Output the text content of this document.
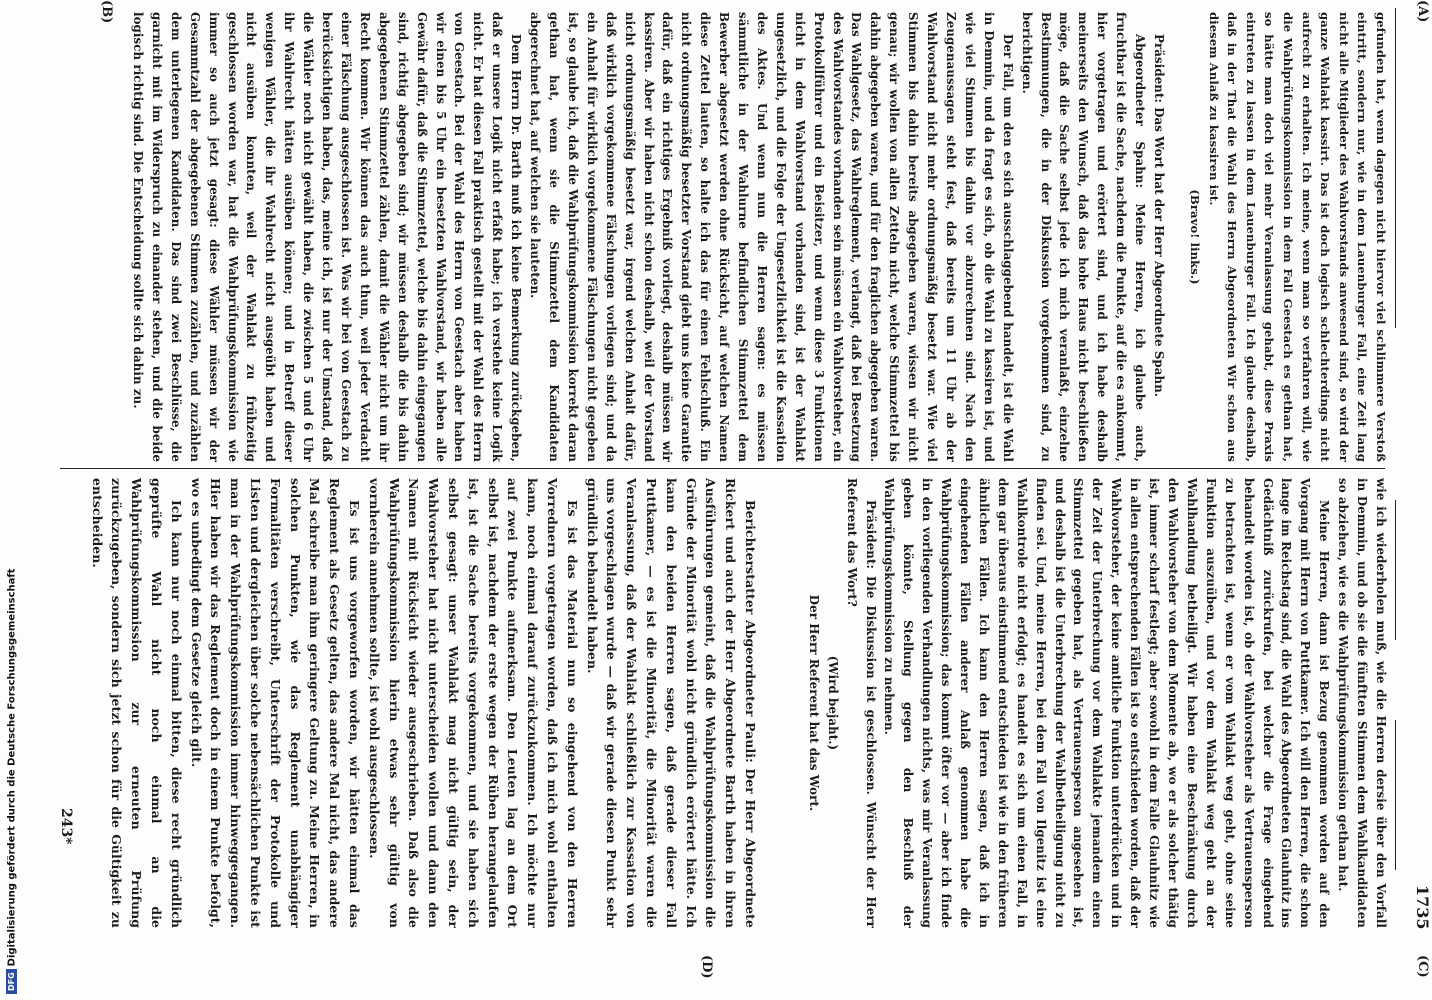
1735
(A)
(B)
(C)
(D)

gefunden hat, wenn dagegen nicht hiervor viel schlimmere Verstoß eintritt, sondern nur, wie in dem Lauenburger Fall, eine Zeit lang nicht alle Mitglieder des Wahlvorstands anwesend sind, so wird der ganze Wahlakt kassirt. Das ist doch logisch schlechterdings nicht aufrecht zu erhalten. Ich meine, wenn man so verfahren will, wie die Wahlprüfungskommission in dem Fall Geestach es gethan hat, so hätte man doch viel mehr Veranlassung gehabt, diese Praxis eintreten zu lassen in dem Lauenburger Fall. Ich glaube deshalb, daß in der That die Wahl des Herrn Abgeordneten Wir schon aus diesem Anlaß zu kassiren ist.

(Bravo! links.)

Präsident: Das Wort hat der Herr Abgeordnete Spahn.

Abgeordneter Spahn: Meine Herren, ich glaube auch, fruchtbar ist die Sache, nachdem die Punkte, auf die es ankommt, hier vorgetragen und erörtert sind, und ich habe deshalb meinerseits den Wunsch, daß das hohe Haus nicht beschließen möge, daß die Sache selbst jede ich mich veranlaßt, einzelne Bestimmungen, die in der Diskussion vorgekommen sind, zu berichtigen.

Der Fall, um den es sich ausschlaggebend handelt, ist die Wahl in Demmin, und da fragt es sich, ob die Wahl zu kassiren ist, und wie viel Stimmen bis dahin vor abzurechnen sind. Nach den Zeugenaussagen steht fest, daß bereits um 11 Uhr ab der Wahlvorstand nicht mehr ordnungsmäßig besetzt war. Wie viel Stimmen bis dahin bereits abgegeben waren, wissen wir nicht genau; wir wollen von allen Zetteln nicht, welche Stimmzettel bis dahin abgegeben waren, und für den fraglichen abgegeben waren. Das Wahlgesetz, das Wahlreglement, verlangt, daß bei Besetzung des Wahlvorstandes vorhanden sein müssen ein Wahlvorsteher, ein Protokollführer und ein Beisitzer, und wenn diese 3 Funktionen nicht in dem Wahlvorstand vorhanden sind, ist der Wahlakt ungesetzlich, und die Folge der Ungesetzlichkeit ist die Kassation des Aktes. Und wenn nun die Herren sagen: es müssen sämmtliche in der Wahlurne befindlichen Stimmzettel dem Bewerber abgesetzt werden ohne Rücksicht, auf welchen Namen diese Zettel lauten, so halte ich das für einen Fehlschluß. Ein nicht ordnungsmäßig besetzter Vorstand giebt uns keine Garantie dafür, daß ein richtiges Ergebniß vorliegt, deshalb müssen wir kassiren. Aber wir haben nicht schon deshalb, weil der Vorstand nicht ordnungsmäßig besetzt war, irgend welchen Anhalt dafür, daß wirklich vorgekommene Fälschungen vorliegen sind; und da ein Anhalt für wirklich vorgekommene Fälschungen nicht gegeben ist, so glaube ich, daß die Wahlprüfungskommission korrekt daran gethan hat, wenn sie die Stimmzettel dem Kandidaten abgerechnet hat, auf welchen sie lauteten.

Dem Herrn Dr. Barth muß ich keine Bemerkung zurückgeben, daß er unsere Logik nicht erfaßt habe; ich verstehe keine Logik nicht. Er hat diesen Fall praktisch gestellt mit der Wahl des Herrn von Geestach. Bei der Wahl des Herrn von Geestach aber haben wir einen bis 5 Uhr ein besetzten Wahlvorstand, wir haben alle Gewähr dafür, daß die Stimmzettel, welche bis dahin eingegangen sind, richtig abgegeben sind; wir müssen deshalb die bis dahin abgegebenen Stimmzettel zählen, damit die Wähler nicht um ihr Recht kommen. Wir können das auch thun, weil jeder Verdacht einer Fälschung ausgeschlossen ist. Was wir bei von Geestach zu berücksichtigen haben, das, meine ich, ist nur der Umstand, daß die Wähler noch nicht gewählt haben, die zwischen 5 und 6 Uhr ihr Wahlrecht hätten ausüben können; und in Betreff dieser wenigen Wähler, die ihr Wahlrecht nicht ausgeübt haben und nicht ausüben konnten, weil der Wahlakt zu frühzeitig geschlossen worden war, hat die Wahlprüfungskommission wie immer so auch jetzt gesagt: diese Wähler müssen wir der Gesammtzahl der abgegebenen Stimmen zuzählen, und zuzählen dem unterlegenen Kandidaten. Das sind zwei Beschlüsse, die garnicht mit im Widerspruch zu einander stehen, und die beide logisch richtig sind. Die Entscheidung sollte sich dahin zu.

wie ich wiederholen muß, wie die Herren dersie über den Vorfall in Demmin, und ob sie die fünftten Stimmen dem Wahlkandidaten so abziehen, wie es die Wahlprüfungskommission gethan hat.

Meine Herren, dann ist Bezug genommen worden auf den Vorgang mit Herrn von Puttkamer. Ich will den Herren, die schon lange im Reichstag sind, die Wahl des Abgeordneten Glauhnitz ins Gedächtniß zurückrufen, bei welcher die Frage eingehend behandelt worden ist, ob der Wahlvorsteher als Vertrauensperson zu betrachten ist, wenn er vom Wahlakt weg geht, ohne seine Funktion auszuüben, und vor dem Wahlakt weg geht an der Wahlhandlung betheiligt. Wir haben eine Beschränkung durch den Wahlvorsteher von dem Momente ab, wo er als solcher thätig ist, immer scharf festlegt; aber sowohl in dem Falle Glauhnitz wie in allen entsprechenden Fällen ist so entschieden worden, daß der Wahlvorsteher, der keine amtliche Funktion unterdrücken und in der Zeit der Unterbrechung vor dem Wahlakte jemandem einen Stimmzettel gegeben hat, als Vertrauensperson angesehen ist, und deshalb ist die Unterbrechung der Wahlbetheiligung nicht zu finden sei. Und, meine Herren, bei dem Fall von Ilgenitz ist eine Wahlkontrole nicht erfolgt; es handelt es sich um einen Fall, in dem gar überaus einstimmend entschieden ist wie in den früheren ähnlichen Fällen. Ich kann den Herren sagen, daß ich in eingehenden Fällen anderer Anlaß genommen habe die Wahlprüfungskommission; das kommt öfter vor — aber ich finde in den vorliegenden Verhandlungen nichts, was mir Veranlassung geben könnte, Stellung gegen den Beschluß der Wahlprüfungskommission zu nehmen.

Präsident: Die Diskussion ist geschlossen. Wünscht der Herr Referent das Wort?

(Wird bejaht.)

Der Herr Referent hat das Wort.

Berichterstatter Abgeordneter Pauli: Der Herr Abgeordnete Rickert und auch der Herr Abgeordnete Barth haben in ihren Ausführungen gemeint, daß die Wahlprüfungskommission die Gründe der Minorität wohl nicht gründlich erörtert hätte. Ich kann den beiden Herren sagen, daß gerade dieser Fall Puttkamer, — es ist die Minorität, die Minorität waren die Veranlassung, daß der Wahlakt schließlich zur Kassation von uns vorgeschlagen wurde — daß wir gerade diesen Punkt sehr gründlich behandelt haben.

Es ist das Material nun so eingehend von den Herren Vorrednern vorgetragen worden, daß ich mich wohl enthalten kann, noch einmal darauf zurückzukommen. Ich möchte nur auf zwei Punkte aufmerksam. Den Leuten lag an dem Ort selbst ist, nachdem der erste wegen der Rüben herangelaufen ist, ist die Sache bereits vorgekommen, und sie haben sich selbst gesagt: unser Wahlakt mag nicht gültig sein, der Wahlvorsteher hat nicht unterscheiden wollen und dann den Namen mit Rücksicht wieder ausgeschrieben. Daß also die Wahlprüfungskommission hierin etwas sehr gültig von vornherein annehmen sollte, ist wohl ausgeschlossen.

Es ist uns vorgeworfen worden, wir hätten einmal das Reglement als Gesetz gelten, das andere Mal nicht, das andere Mal schreibe man ihm geringere Geltung zu. Meine Herren, in solchen Punkten, wie das Reglement unabhängiger Formalitäten verschreibt, Unterschrift der Protokolle und Listen und dergleichen über solche nebensächlichen Punkte ist man in der Wahlprüfungskommission immer hinweggegangen. Hier haben wir das Reglement doch in einem Punkte befolgt, wo es unbedingt dem Gesetze gleich gilt.

Ich kann nur noch einmal bitten, diese recht gründlich geprüfte Wahl nicht noch einmal an die Wahlprüfungskommission zur erneuten Prüfung zurückzugeben, sondern sich jetzt schon für die Gültigkeit zu entscheiden.

243*
DFGDigitalisierung gefördert durch die Deutsche Forschungsgemeinschaft
